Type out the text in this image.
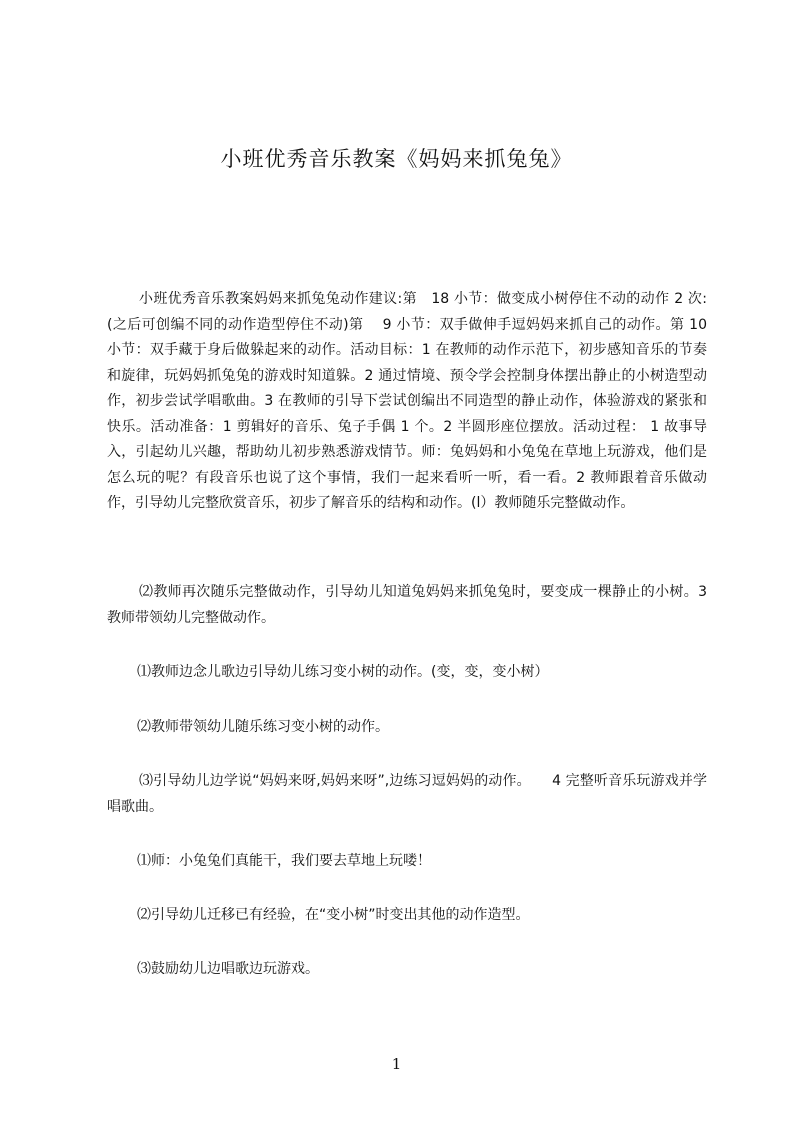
小班优秀音乐教案《妈妈来抓兔兔》

小班优秀音乐教案妈妈来抓兔兔动作建议:第　18 小节：做变成小树停住不动的动作 2 次:(之后可创编不同的动作造型停住不动)第　 9 小节：双手做伸手逗妈妈来抓自己的动作。第 10 小节：双手藏于身后做躲起来的动作。活动目标：1 在教师的动作示范下，初步感知音乐的节奏和旋律，玩妈妈抓兔兔的游戏时知道躲。2 通过情境、预令学会控制身体摆出静止的小树造型动作，初步尝试学唱歌曲。3 在教师的引导下尝试创编出不同造型的静止动作，体验游戏的紧张和快乐。活动准备：1 剪辑好的音乐、兔子手偶 1 个。2 半圆形座位摆放。活动过程： 1 故事导入，引起幼儿兴趣，帮助幼儿初步熟悉游戏情节。师：兔妈妈和小兔兔在草地上玩游戏，他们是怎么玩的呢？有段音乐也说了这个事情，我们一起来看听一听，看一看。2 教师跟着音乐做动作，引导幼儿完整欣赏音乐，初步了解音乐的结构和动作。(l）教师随乐完整做动作。

⑵教师再次随乐完整做动作，引导幼儿知道兔妈妈来抓兔兔时，要变成一棵静止的小树。3 教师带领幼儿完整做动作。

⑴教师边念儿歌边引导幼儿练习变小树的动作。(变，变，变小树）

⑵教师带领幼儿随乐练习变小树的动作。

⑶引导幼儿边学说“妈妈来呀,妈妈来呀”,边练习逗妈妈的动作。　　4 完整听音乐玩游戏并学唱歌曲。

⑴师：小兔兔们真能干，我们要去草地上玩喽！

⑵引导幼儿迁移已有经验，在“变小树”时变出其他的动作造型。

⑶鼓励幼儿边唱歌边玩游戏。

1
